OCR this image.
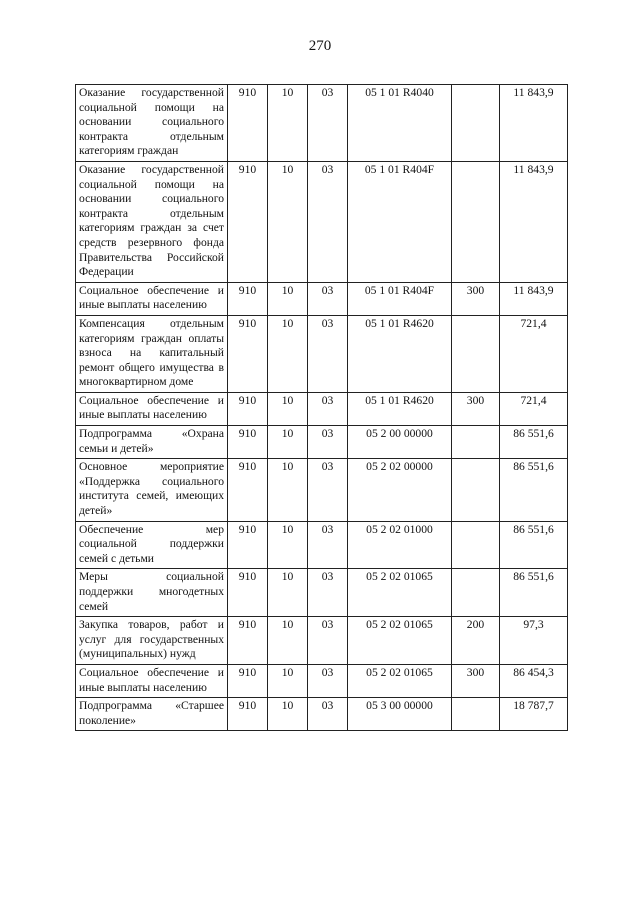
270
Оказание государственной социальной помощи на основании социального контракта отдельным категориям граждан	910	10	03	05 1 01 R4040		11 843,9
Оказание государственной социальной помощи на основании социального контракта отдельным категориям граждан за счет средств резервного фонда Правительства Российской Федерации	910	10	03	05 1 01 R404F		11 843,9
Социальное обеспечение и иные выплаты населению	910	10	03	05 1 01 R404F	300	11 843,9
Компенсация отдельным категориям граждан оплаты взноса на капитальный ремонт общего имущества в многоквартирном доме	910	10	03	05 1 01 R4620		721,4
Социальное обеспечение и иные выплаты населению	910	10	03	05 1 01 R4620	300	721,4
Подпрограмма «Охрана семьи и детей»	910	10	03	05 2 00 00000		86 551,6
Основное мероприятие «Поддержка социального института семей, имеющих детей»	910	10	03	05 2 02 00000		86 551,6
Обеспечение мер социальной поддержки семей с детьми	910	10	03	05 2 02 01000		86 551,6
Меры социальной поддержки многодетных семей	910	10	03	05 2 02 01065		86 551,6
Закупка товаров, работ и услуг для государственных (муниципальных) нужд	910	10	03	05 2 02 01065	200	97,3
Социальное обеспечение и иные выплаты населению	910	10	03	05 2 02 01065	300	86 454,3
Подпрограмма «Старшее поколение»	910	10	03	05 3 00 00000		18 787,7
